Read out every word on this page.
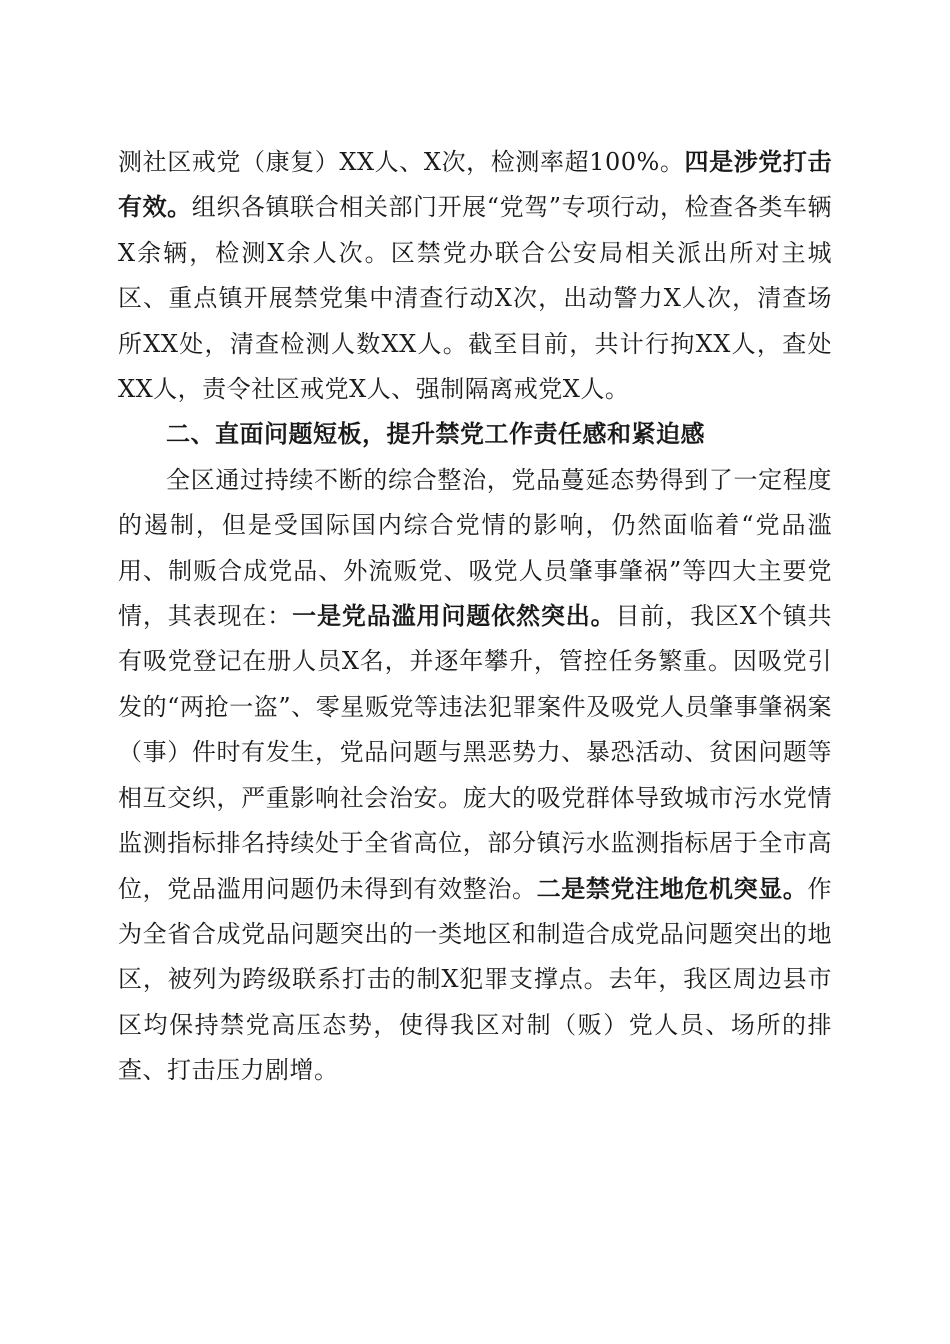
测社区戒党（康复）XX人、X次，检测率超100%。四是涉党打击有效。组织各镇联合相关部门开展“党驾”专项行动，检查各类车辆X余辆，检测X余人次。区禁党办联合公安局相关派出所对主城区、重点镇开展禁党集中清查行动X次，出动警力X人次，清查场所XX处，清查检测人数XX人。截至目前，共计行拘XX人，查处XX人，责令社区戒党X人、强制隔离戒党X人。

二、直面问题短板，提升禁党工作责任感和紧迫感

全区通过持续不断的综合整治，党品蔓延态势得到了一定程度的遏制，但是受国际国内综合党情的影响，仍然面临着“党品滥用、制贩合成党品、外流贩党、吸党人员肇事肇祸”等四大主要党情，其表现在：一是党品滥用问题依然突出。目前，我区X个镇共有吸党登记在册人员X名，并逐年攀升，管控任务繁重。因吸党引发的“两抢一盗”、零星贩党等违法犯罪案件及吸党人员肇事肇祸案（事）件时有发生，党品问题与黑恶势力、暴恐活动、贫困问题等相互交织，严重影响社会治安。庞大的吸党群体导致城市污水党情监测指标排名持续处于全省高位，部分镇污水监测指标居于全市高位，党品滥用问题仍未得到有效整治。二是禁党注地危机突显。作为全省合成党品问题突出的一类地区和制造合成党品问题突出的地区，被列为跨级联系打击的制X犯罪支撑点。去年，我区周边县市区均保持禁党高压态势，使得我区对制（贩）党人员、场所的排查、打击压力剧增。
